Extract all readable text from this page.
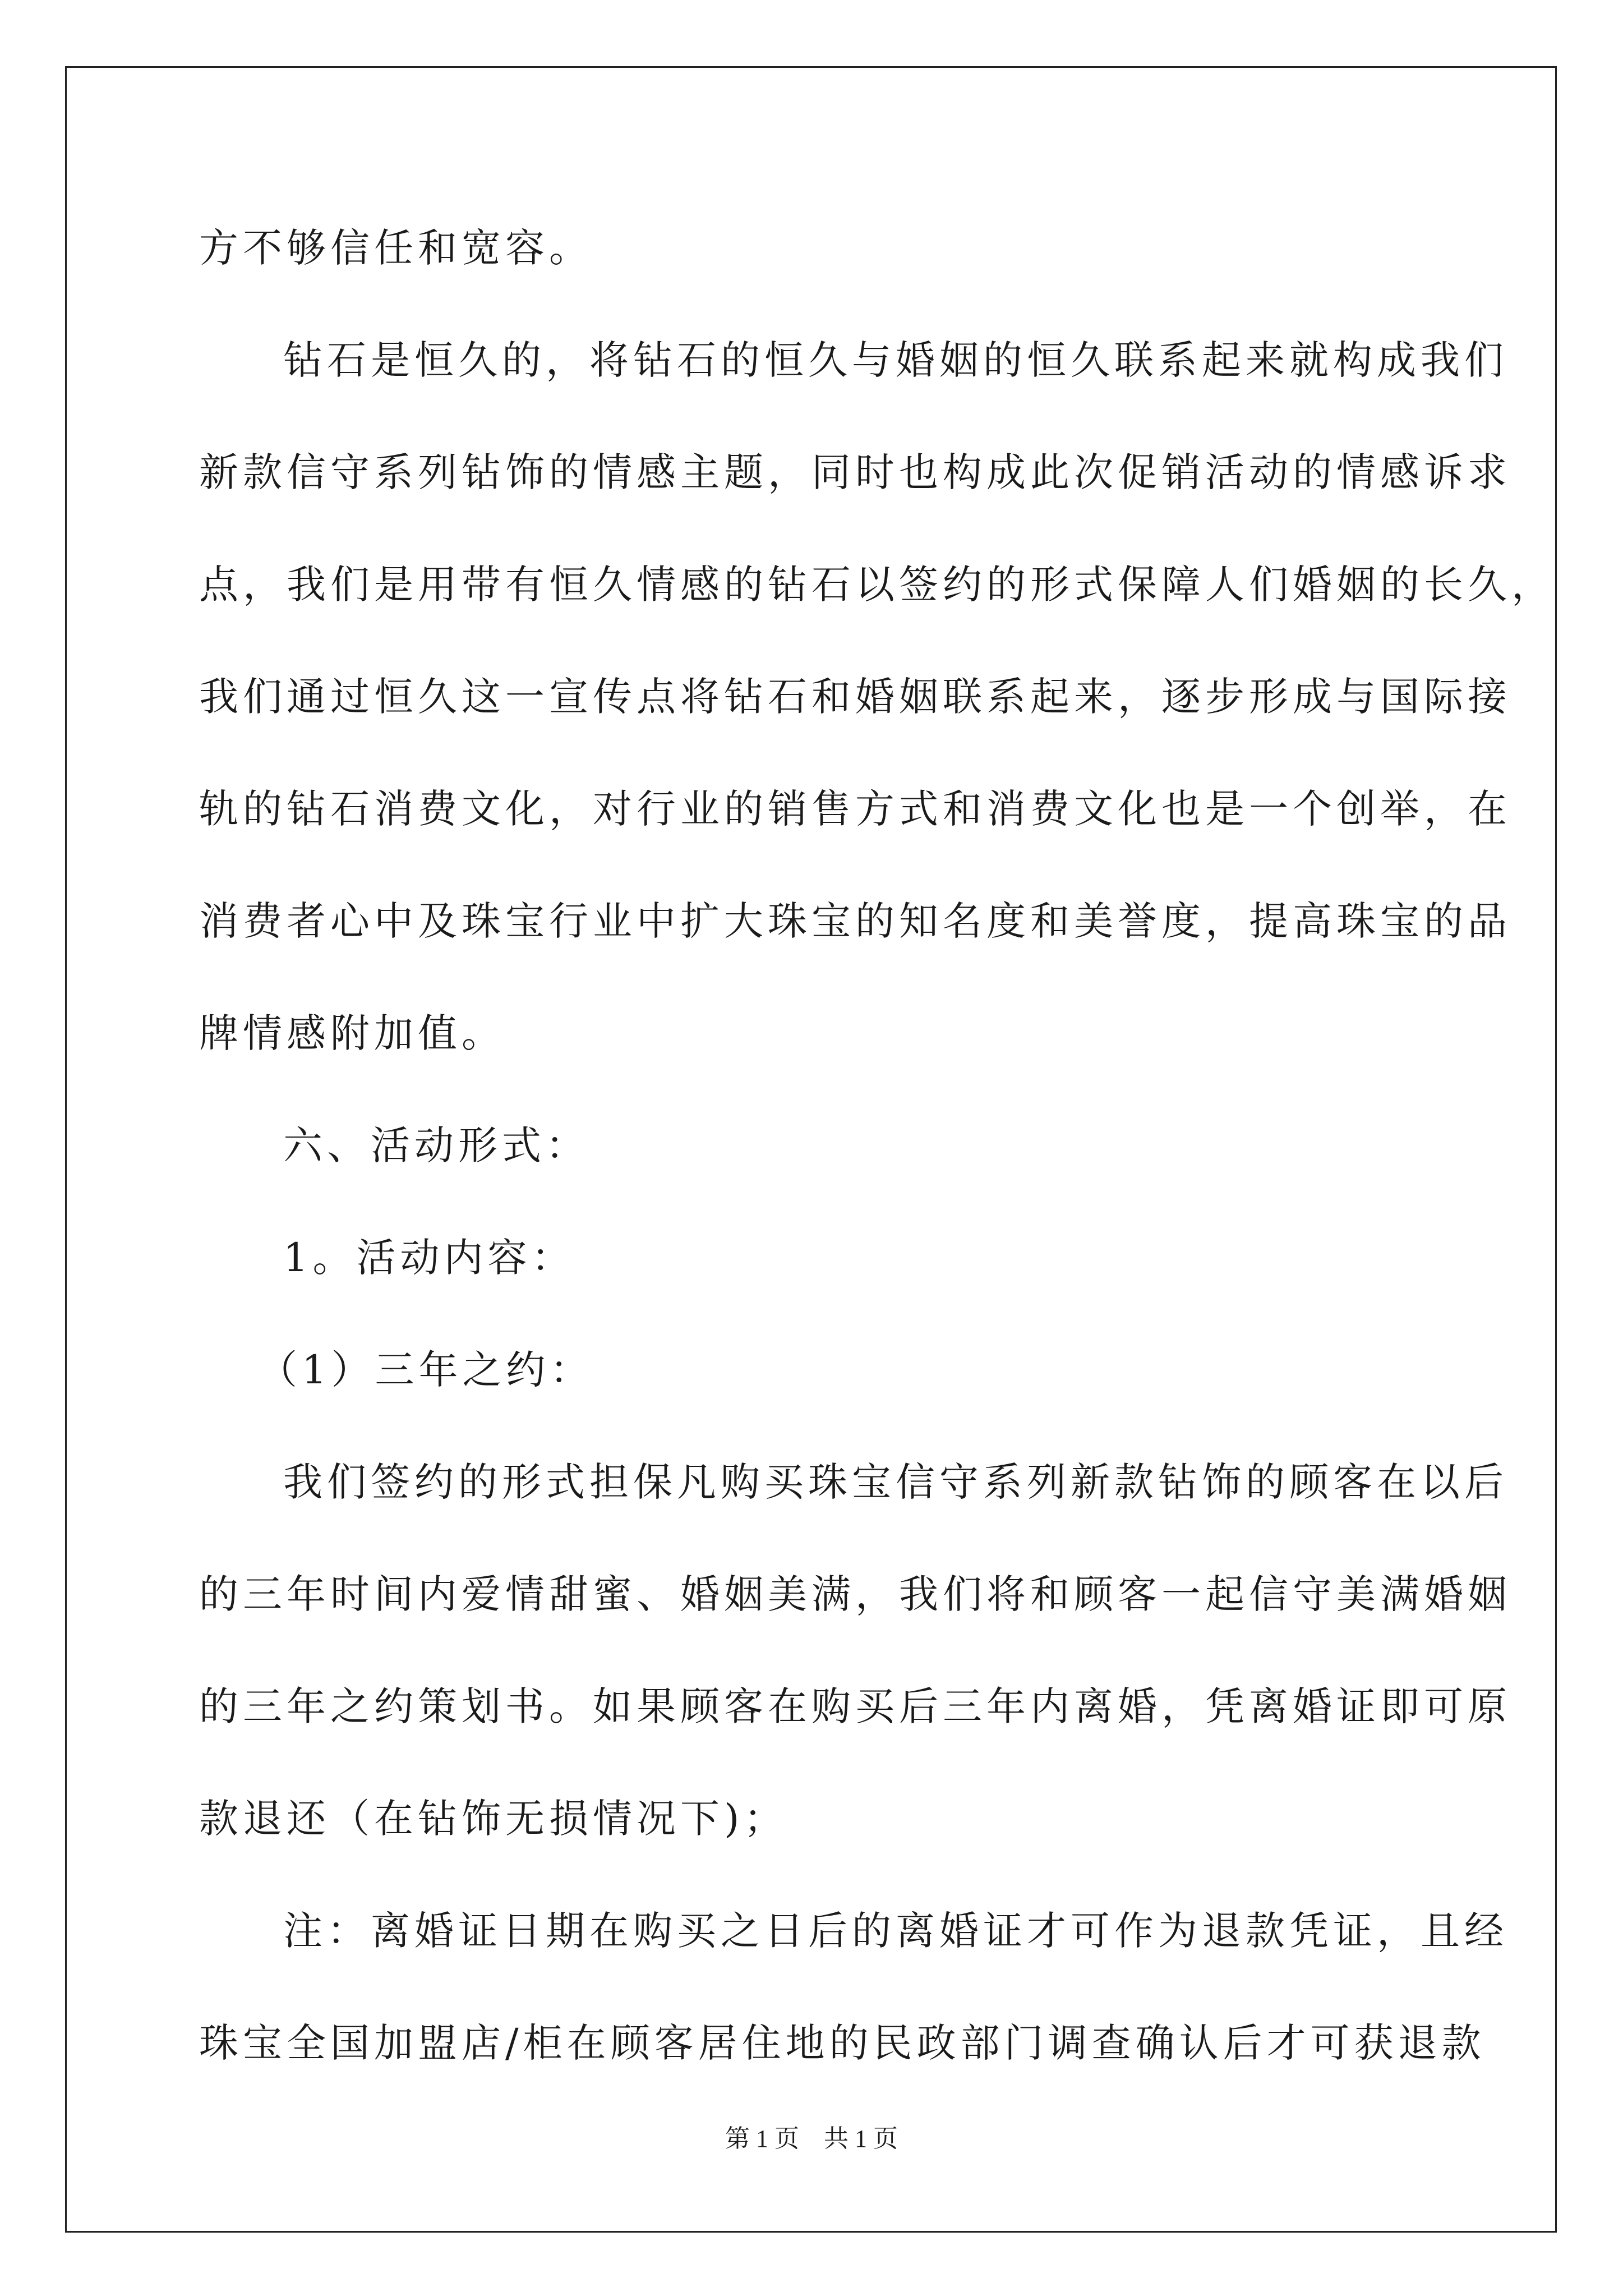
方不够信任和宽容。
钻石是恒久的，将钻石的恒久与婚姻的恒久联系起来就构成我们
新款信守系列钻饰的情感主题，同时也构成此次促销活动的情感诉求
点，我们是用带有恒久情感的钻石以签约的形式保障人们婚姻的长久，
我们通过恒久这一宣传点将钻石和婚姻联系起来，逐步形成与国际接
轨的钻石消费文化，对行业的销售方式和消费文化也是一个创举，在
消费者心中及珠宝行业中扩大珠宝的知名度和美誉度，提高珠宝的品
牌情感附加值。
六、活动形式：
1。活动内容：
（1）三年之约：
我们签约的形式担保凡购买珠宝信守系列新款钻饰的顾客在以后
的三年时间内爱情甜蜜、婚姻美满，我们将和顾客一起信守美满婚姻
的三年之约策划书。如果顾客在购买后三年内离婚，凭离婚证即可原
款退还（在钻饰无损情况下)；
注：离婚证日期在购买之日后的离婚证才可作为退款凭证，且经
珠宝全国加盟店/柜在顾客居住地的民政部门调查确认后才可获退款
第 1 页　共 1 页
